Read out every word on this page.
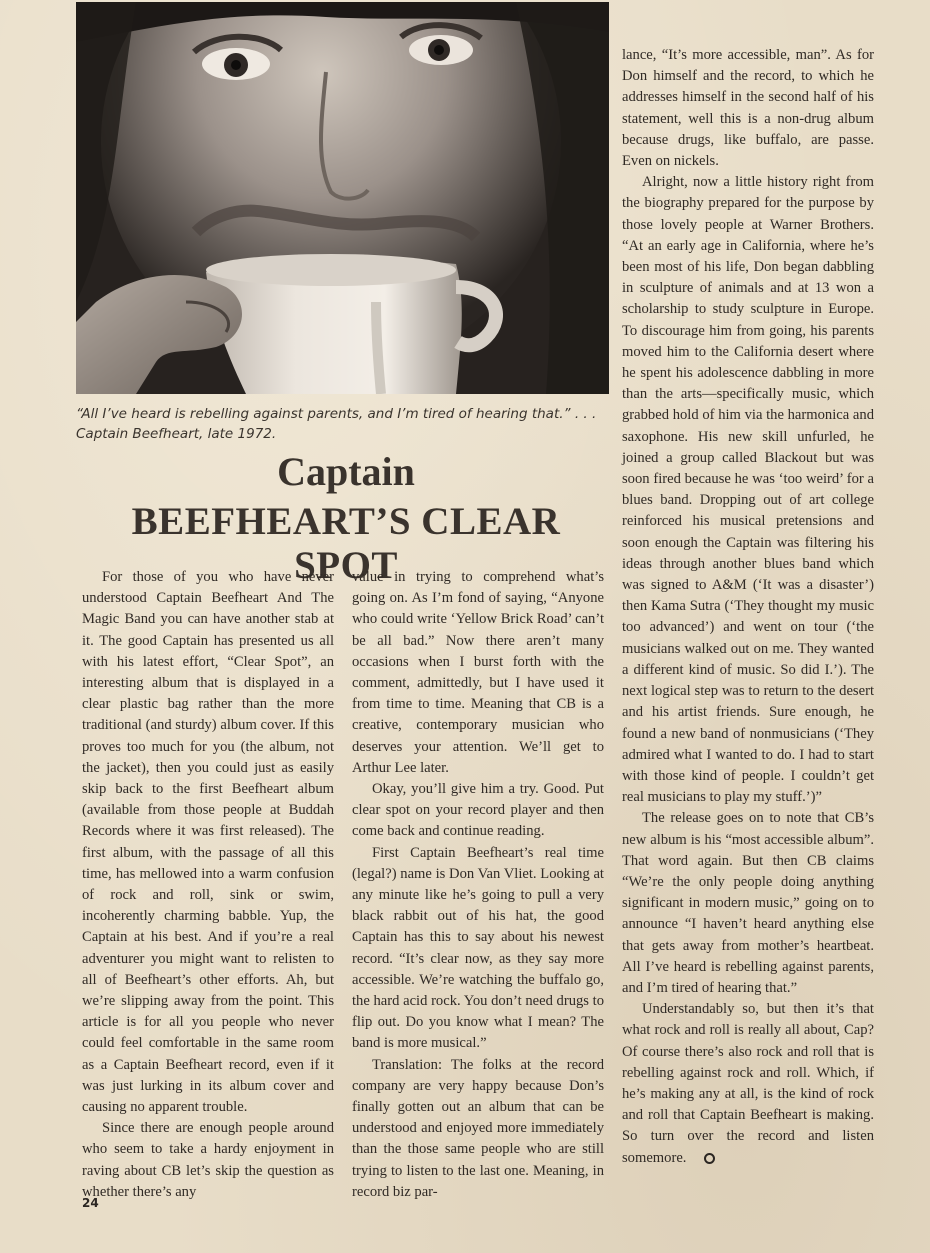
“All I’ve heard is rebelling against parents, and I’m tired of hearing that.” . . .
Captain Beefheart, late 1972.
Captain
BEEFHEART’S CLEAR SPOT

For those of you who have never understood Captain Beefheart And The Magic Band you can have another stab at it. The good Captain has presented us all with his latest effort, “Clear Spot”, an interesting album that is displayed in a clear plastic bag rather than the more traditional (and sturdy) album cover. If this proves too much for you (the album, not the jacket), then you could just as easily skip back to the first Beefheart album (available from those people at Buddah Records where it was first released). The first album, with the passage of all this time, has mellowed into a warm confusion of rock and roll, sink or swim, incoherently charming babble. Yup, the Captain at his best. And if you’re a real adventurer you might want to relisten to all of Beefheart’s other efforts. Ah, but we’re slipping away from the point. This article is for all you people who never could feel comfortable in the same room as a Captain Beefheart record, even if it was just lurking in its album cover and causing no apparent trouble.

Since there are enough people around who seem to take a hardy enjoyment in raving about CB let’s skip the question as whether there’s any

value in trying to comprehend what’s going on. As I’m fond of saying, “Anyone who could write ‘Yellow Brick Road’ can’t be all bad.” Now there aren’t many occasions when I burst forth with the comment, admittedly, but I have used it from time to time. Meaning that CB is a creative, contemporary musician who deserves your attention. We’ll get to Arthur Lee later.

Okay, you’ll give him a try. Good. Put clear spot on your record player and then come back and continue reading.

First Captain Beefheart’s real time (legal?) name is Don Van Vliet. Looking at any minute like he’s going to pull a very black rabbit out of his hat, the good Captain has this to say about his newest record. “It’s clear now, as they say more accessible. We’re watching the buffalo go, the hard acid rock. You don’t need drugs to flip out. Do you know what I mean? The band is more musical.”

Translation: The folks at the record company are very happy because Don’s finally gotten out an album that can be understood and enjoyed more immediately than the those same people who are still trying to listen to the last one. Meaning, in record biz par-

lance, “It’s more accessible, man”. As for Don himself and the record, to which he addresses himself in the second half of his statement, well this is a non-drug album because drugs, like buffalo, are passe. Even on nickels.

Alright, now a little history right from the biography prepared for the purpose by those lovely people at Warner Brothers. “At an early age in California, where he’s been most of his life, Don began dabbling in sculpture of animals and at 13 won a scholarship to study sculpture in Europe. To discourage him from going, his parents moved him to the California desert where he spent his adolescence dabbling in more than the arts—specifically music, which grabbed hold of him via the harmonica and saxophone. His new skill unfurled, he joined a group called Blackout but was soon fired because he was ‘too weird’ for a blues band. Dropping out of art college reinforced his musical pretensions and soon enough the Captain was filtering his ideas through another blues band which was signed to A&M (‘It was a disaster’) then Kama Sutra (‘They thought my music too advanced’) and went on tour (‘the musicians walked out on me. They wanted a different kind of music. So did I.’). The next logical step was to return to the desert and his artist friends. Sure enough, he found a new band of nonmusicians (‘They admired what I wanted to do. I had to start with those kind of people. I couldn’t get real musicians to play my stuff.’)”

The release goes on to note that CB’s new album is his “most accessible album”. That word again. But then CB claims “We’re the only people doing anything significant in modern music,” going on to announce “I haven’t heard anything else that gets away from mother’s heartbeat. All I’ve heard is rebelling against parents, and I’m tired of hearing that.”

Understandably so, but then it’s that what rock and roll is really all about, Cap? Of course there’s also rock and roll that is rebelling against rock and roll. Which, if he’s making any at all, is the kind of rock and roll that Captain Beefheart is making. So turn over the record and listen somemore.

24
